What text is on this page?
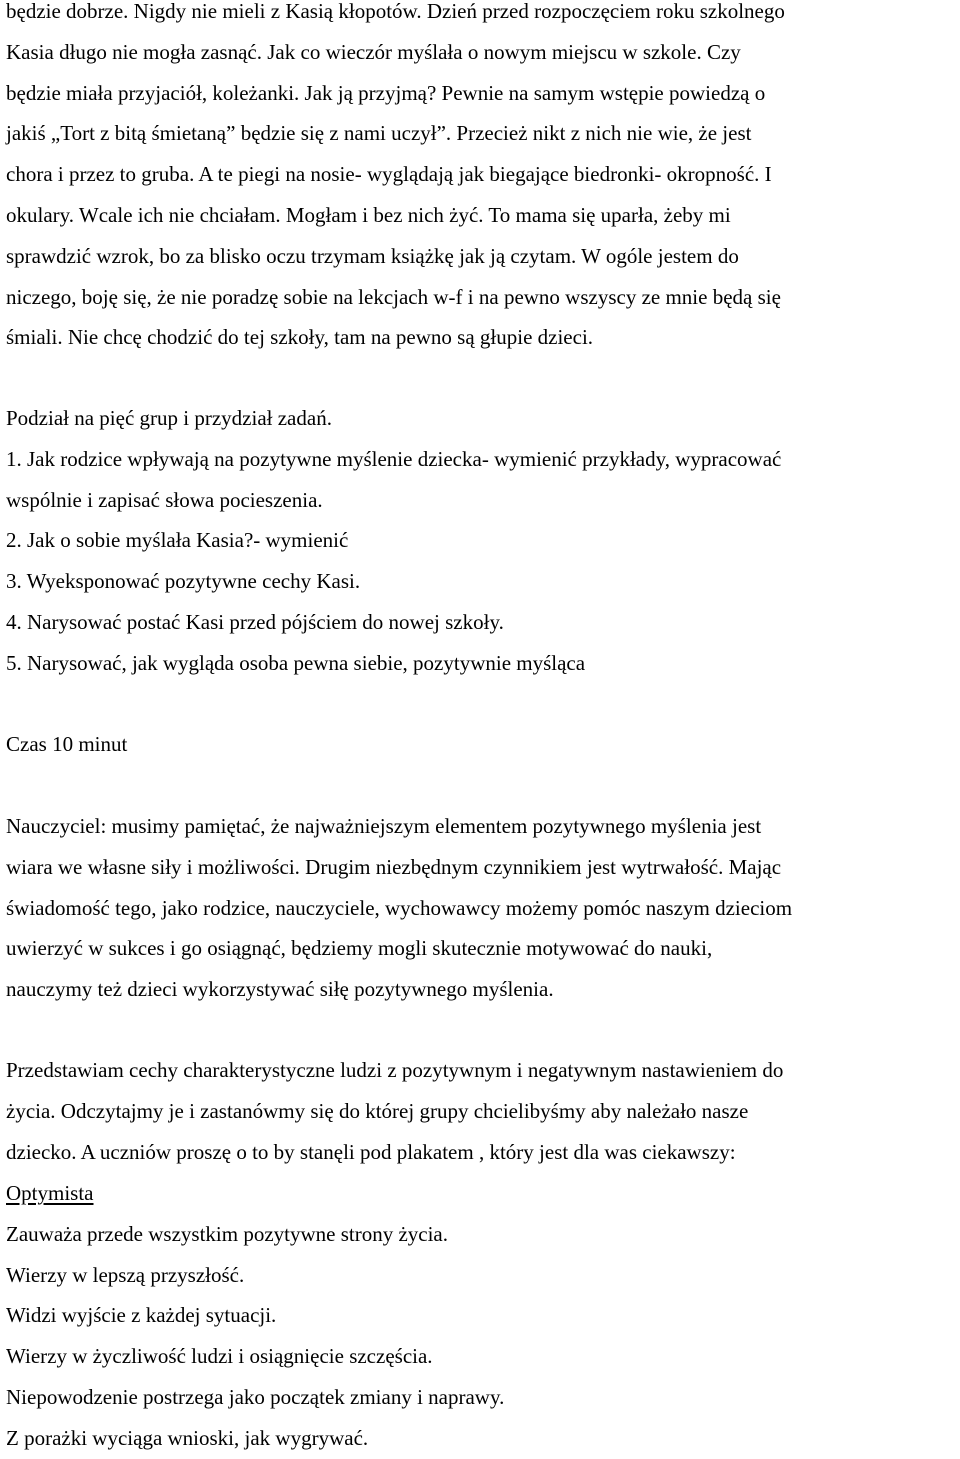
będzie dobrze. Nigdy nie mieli z Kasią kłopotów. Dzień przed rozpoczęciem roku szkolnego
Kasia długo nie mogła zasnąć. Jak co wieczór myślała o nowym miejscu w szkole. Czy
będzie miała przyjaciół, koleżanki. Jak ją przyjmą? Pewnie na samym wstępie powiedzą o
jakiś „Tort z bitą śmietaną” będzie się z nami uczył”. Przecież nikt z nich nie wie, że jest
chora i przez to gruba. A te piegi na nosie- wyglądają jak biegające biedronki- okropność. I
okulary. Wcale ich nie chciałam. Mogłam i bez nich żyć. To mama się uparła, żeby mi
sprawdzić wzrok, bo za blisko oczu trzymam książkę jak ją czytam. W ogóle jestem do
niczego, boję się, że nie poradzę sobie na lekcjach w-f i na pewno wszyscy ze mnie będą się
śmiali. Nie chcę chodzić do tej szkoły, tam na pewno są głupie dzieci.
Podział na pięć grup i przydział zadań.
1. Jak rodzice wpływają na pozytywne myślenie dziecka- wymienić przykłady, wypracować
wspólnie i zapisać słowa pocieszenia.
2. Jak o sobie myślała Kasia?- wymienić
3. Wyeksponować pozytywne cechy Kasi.
4. Narysować postać Kasi przed pójściem do nowej szkoły.
5. Narysować, jak wygląda osoba pewna siebie, pozytywnie myśląca
Czas 10 minut
Nauczyciel: musimy pamiętać, że najważniejszym elementem pozytywnego myślenia jest
wiara we własne siły i możliwości. Drugim niezbędnym czynnikiem jest wytrwałość. Mając
świadomość tego, jako rodzice, nauczyciele, wychowawcy możemy pomóc naszym dzieciom
uwierzyć w sukces i go osiągnąć, będziemy mogli skutecznie motywować do nauki,
nauczymy też dzieci wykorzystywać siłę pozytywnego myślenia.
Przedstawiam cechy charakterystyczne ludzi z pozytywnym i negatywnym nastawieniem do
życia. Odczytajmy je i zastanówmy się do której grupy chcielibyśmy aby należało nasze
dziecko. A uczniów proszę o to by stanęli pod plakatem , który jest dla was ciekawszy:
Optymista
Zauważa przede wszystkim pozytywne strony życia.
Wierzy w lepszą przyszłość.
Widzi wyjście z każdej sytuacji.
Wierzy w życzliwość ludzi i osiągnięcie szczęścia.
Niepowodzenie postrzega jako początek zmiany i naprawy.
Z porażki wyciąga wnioski, jak wygrywać.
